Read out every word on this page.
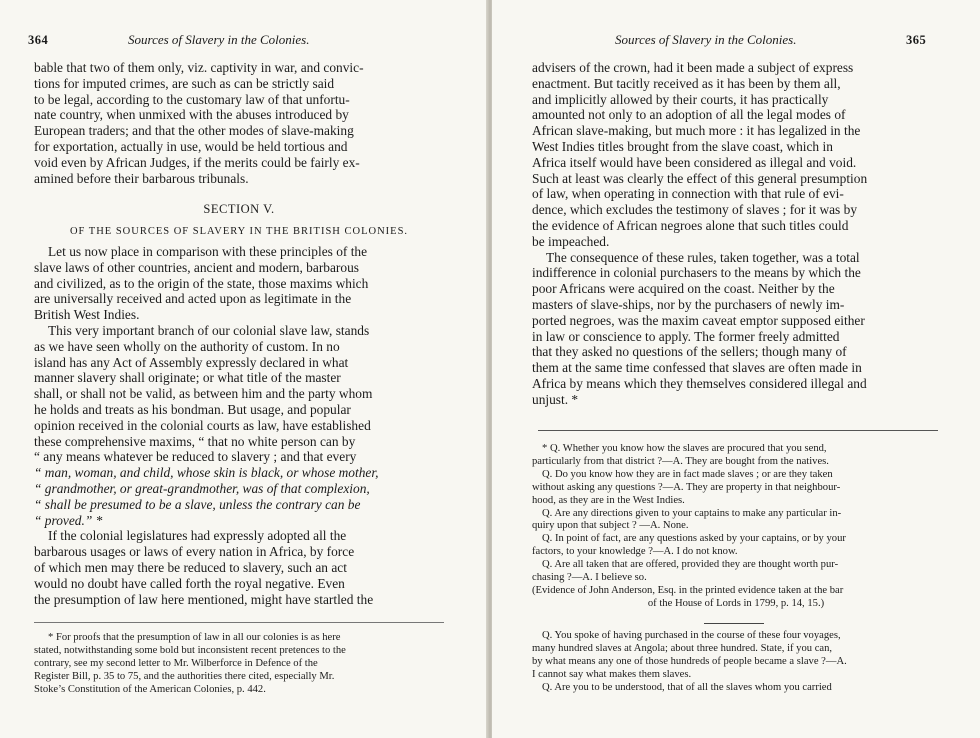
364	Sources of Slavery in the Colonies.

bable that two of them only, viz. captivity in war, and convic-

tions for imputed crimes, are such as can be strictly said

to be legal, according to the customary law of that unfortu-

nate country, when unmixed with the abuses introduced by

European traders; and that the other modes of slave-making

for exportation, actually in use, would be held tortious and

void even by African Judges, if the merits could be fairly ex-

amined before their barbarous tribunals.

SECTION V.
OF THE SOURCES OF SLAVERY IN THE BRITISH COLONIES.

Let us now place in comparison with these principles of the

slave laws of other countries, ancient and modern, barbarous

and civilized, as to the origin of the state, those maxims which

are universally received and acted upon as legitimate in the

British West Indies.

This very important branch of our colonial slave law, stands

as we have seen wholly on the authority of custom. In no

island has any Act of Assembly expressly declared in what

manner slavery shall originate; or what title of the master

shall, or shall not be valid, as between him and the party whom

he holds and treats as his bondman. But usage, and popular

opinion received in the colonial courts as law, have established

these comprehensive maxims, “ that no white person can by

“ any means whatever be reduced to slavery ; and that every

“ man, woman, and child, whose skin is black, or whose mother,

“ grandmother, or great-grandmother, was of that complexion,

“ shall be presumed to be a slave, unless the contrary can be

“ proved.” *

If the colonial legislatures had expressly adopted all the

barbarous usages or laws of every nation in Africa, by force

of which men may there be reduced to slavery, such an act

would no doubt have called forth the royal negative. Even

the presumption of law here mentioned, might have startled the

* For proofs that the presumption of law in all our colonies is as here

stated, notwithstanding some bold but inconsistent recent pretences to the

contrary, see my second letter to Mr. Wilberforce in Defence of the

Register Bill, p. 35 to 75, and the authorities there cited, especially Mr.

Stoke’s Constitution of the American Colonies, p. 442.

Sources of Slavery in the Colonies.	365

advisers of the crown, had it been made a subject of express

enactment. But tacitly received as it has been by them all,

and implicitly allowed by their courts, it has practically

amounted not only to an adoption of all the legal modes of

African slave-making, but much more : it has legalized in the

West Indies titles brought from the slave coast, which in

Africa itself would have been considered as illegal and void.

Such at least was clearly the effect of this general presumption

of law, when operating in connection with that rule of evi-

dence, which excludes the testimony of slaves ; for it was by

the evidence of African negroes alone that such titles could

be impeached.

The consequence of these rules, taken together, was a total

indifference in colonial purchasers to the means by which the

poor Africans were acquired on the coast. Neither by the

masters of slave-ships, nor by the purchasers of newly im-

ported negroes, was the maxim caveat emptor supposed either

in law or conscience to apply. The former freely admitted

that they asked no questions of the sellers; though many of

them at the same time confessed that slaves are often made in

Africa by means which they themselves considered illegal and

unjust. *

* Q. Whether you know how the slaves are procured that you send,

particularly from that district ?—A. They are bought from the natives.

Q. Do you know how they are in fact made slaves ; or are they taken

without asking any questions ?—A. They are property in that neighbour-

hood, as they are in the West Indies.

Q. Are any directions given to your captains to make any particular in-

quiry upon that subject ? —A. None.

Q. In point of fact, are any questions asked by your captains, or by your

factors, to your knowledge ?—A. I do not know.

Q. Are all taken that are offered, provided they are thought worth pur-

chasing ?—A. I believe so.

(Evidence of John Anderson, Esq. in the printed evidence taken at the bar

of the House of Lords in 1799, p. 14, 15.)

Q. You spoke of having purchased in the course of these four voyages,

many hundred slaves at Angola; about three hundred. State, if you can,

by what means any one of those hundreds of people became a slave ?—A.

I cannot say what makes them slaves.

Q. Are you to be understood, that of all the slaves whom you carried
